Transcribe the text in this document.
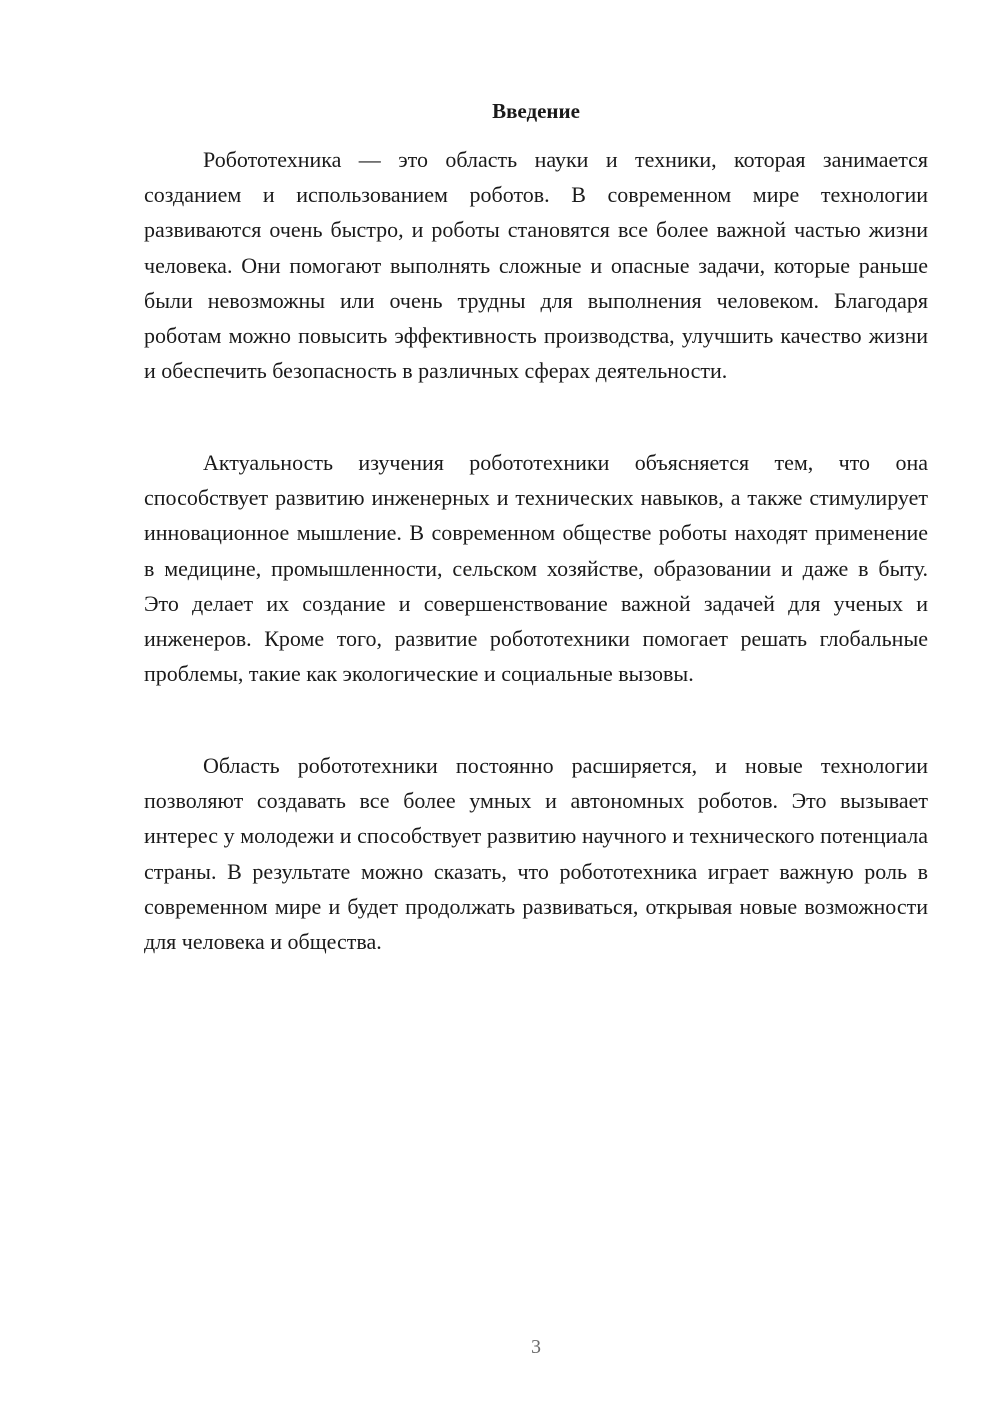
Введение

Робототехника — это область науки и техники, которая занимается созданием и использованием роботов. В современном мире технологии развиваются очень быстро, и роботы становятся все более важной частью жизни человека. Они помогают выполнять сложные и опасные задачи, которые раньше были невозможны или очень трудны для выполнения человеком. Благодаря роботам можно повысить эффективность производства, улучшить качество жизни и обеспечить безопасность в различных сферах деятельности.

Актуальность изучения робототехники объясняется тем, что она способствует развитию инженерных и технических навыков, а также стимулирует инновационное мышление. В современном обществе роботы находят применение в медицине, промышленности, сельском хозяйстве, образовании и даже в быту. Это делает их создание и совершенствование важной задачей для ученых и инженеров. Кроме того, развитие робототехники помогает решать глобальные проблемы, такие как экологические и социальные вызовы.

Область робототехники постоянно расширяется, и новые технологии позволяют создавать все более умных и автономных роботов. Это вызывает интерес у молодежи и способствует развитию научного и технического потенциала страны. В результате можно сказать, что робототехника играет важную роль в современном мире и будет продолжать развиваться, открывая новые возможности для человека и общества.

3
